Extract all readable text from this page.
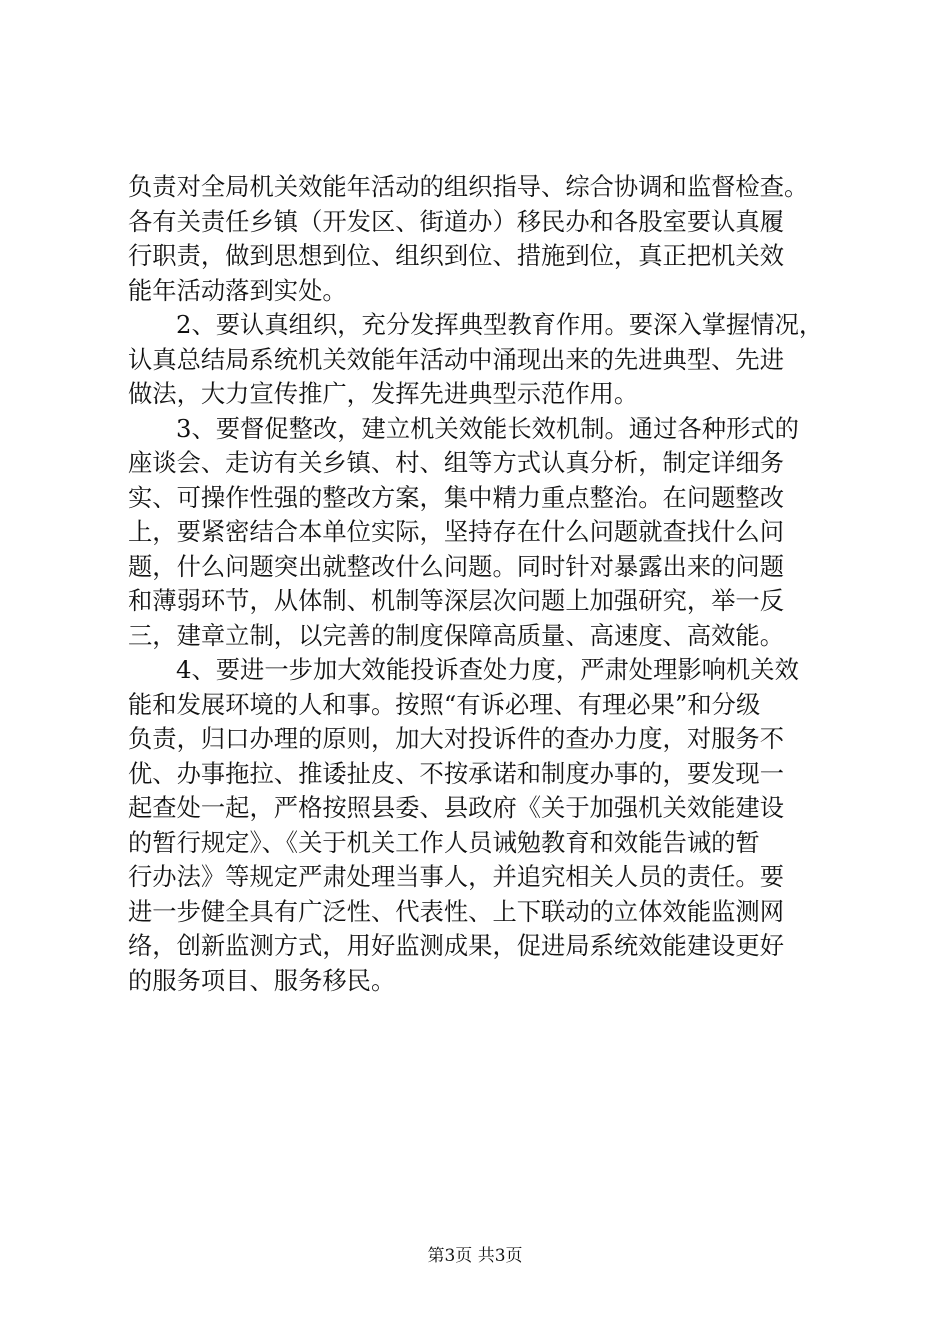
负责对全局机关效能年活动的组织指导、综合协调和监督检查。
各有关责任乡镇（开发区、街道办）移民办和各股室要认真履
行职责，做到思想到位、组织到位、措施到位，真正把机关效
能年活动落到实处。
2、要认真组织，充分发挥典型教育作用。要深入掌握情况，
认真总结局系统机关效能年活动中涌现出来的先进典型、先进
做法，大力宣传推广，发挥先进典型示范作用。
3、要督促整改，建立机关效能长效机制。通过各种形式的
座谈会、走访有关乡镇、村、组等方式认真分析，制定详细务
实、可操作性强的整改方案，集中精力重点整治。在问题整改
上，要紧密结合本单位实际，坚持存在什么问题就查找什么问
题，什么问题突出就整改什么问题。同时针对暴露出来的问题
和薄弱环节，从体制、机制等深层次问题上加强研究，举一反
三，建章立制，以完善的制度保障高质量、高速度、高效能。
4、要进一步加大效能投诉查处力度，严肃处理影响机关效
能和发展环境的人和事。按照“有诉必理、有理必果”和分级
负责，归口办理的原则，加大对投诉件的查办力度，对服务不
优、办事拖拉、推诿扯皮、不按承诺和制度办事的，要发现一
起查处一起，严格按照县委、县政府《关于加强机关效能建设
的暂行规定》、《关于机关工作人员诫勉教育和效能告诫的暂
行办法》等规定严肃处理当事人，并追究相关人员的责任。要
进一步健全具有广泛性、代表性、上下联动的立体效能监测网
络，创新监测方式，用好监测成果，促进局系统效能建设更好
的服务项目、服务移民。
第3页 共3页
